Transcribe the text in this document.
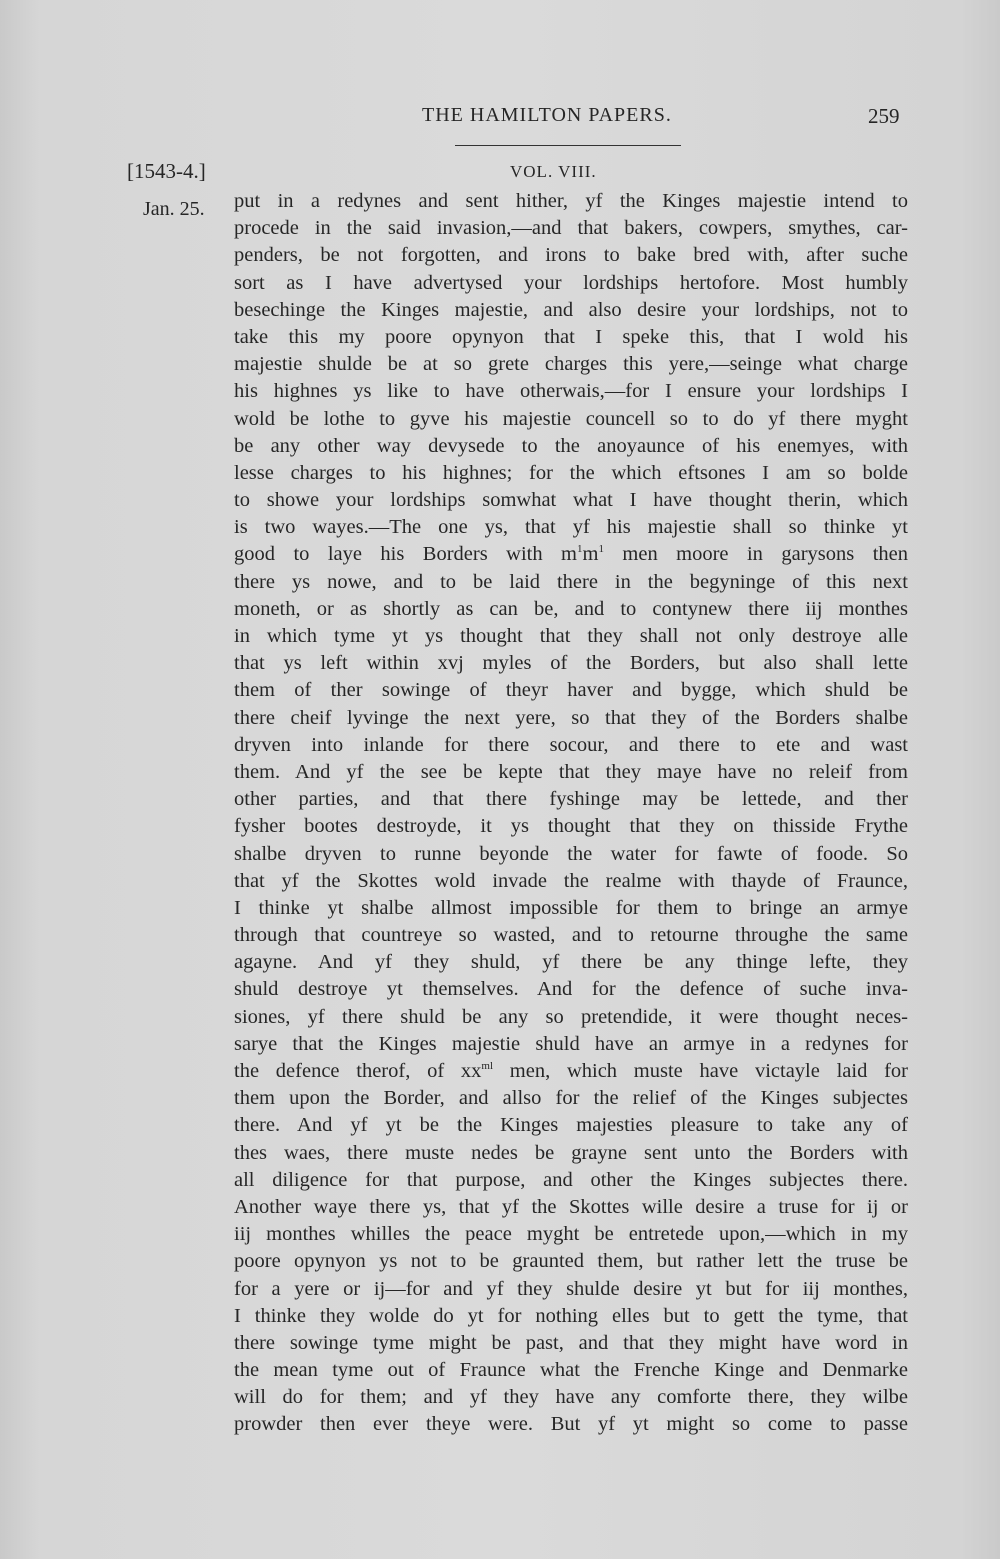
THE HAMILTON PAPERS.	259
[1543-4.]	VOL. VIII.
Jan. 25. put in a redynes and sent hither, yf the Kinges majestie intend to
procede in the said invasion,—and that bakers, cowpers, smythes, car-
penders, be not forgotten, and irons to bake bred with, after suche
sort as I have advertysed your lordships hertofore. Most humbly
besechinge the Kinges majestie, and also desire your lordships, not to
take this my poore opynyon that I speke this, that I wold his
majestie shulde be at so grete charges this yere,—seinge what charge
his highnes ys like to have otherwais,—for I ensure your lordships I
wold be lothe to gyve his majestie councell so to do yf there myght
be any other way devysede to the anoyaunce of his enemyes, with
lesse charges to his highnes; for the which eftsones I am so bolde
to showe your lordships somwhat what I have thought therin, which
is two wayes.—The one ys, that yf his majestie shall so thinke yt
good to laye his Borders with $m^1m^1$ men moore in garysons then
there ys nowe, and to be laid there in the begyninge of this next
moneth, or as shortly as can be, and to contynew there iij monthes
in which tyme yt ys thought that they shall not only destroye alle
that ys left within xvj myles of the Borders, but also shall lette
them of ther sowinge of theyr haver and bygge, which shuld be
there cheif lyvinge the next yere, so that they of the Borders shalbe
dryven into inlande for there socour, and there to ete and wast
them. And yf the see be kepte that they maye have no releif from
other parties, and that there fyshinge may be lettede, and ther
fysher bootes destroyde, it ys thought that they on thisside Frythe
shalbe dryven to runne beyonde the water for fawte of foode. So
that yf the Skottes wold invade the realme with thayde of Fraunce,
I thinke yt shalbe allmost impossible for them to bringe an armye
through that countreye so wasted, and to retourne throughe the same
agayne. And yf they shuld, yf there be any thinge lefte, they
shuld destroye yt themselves. And for the defence of suche inva-
siones, yf there shuld be any so pretendide, it were thought neces-
sarye that the Kinges majestie shuld have an armye in a redynes for
the defence therof, of $xx^{ml}$ men, which muste have victayle laid for
them upon the Border, and allso for the relief of the Kinges subjectes
there. And yf yt be the Kinges majesties pleasure to take any of
thes waes, there muste nedes be grayne sent unto the Borders with
all diligence for that purpose, and other the Kinges subjectes there.
Another waye there ys, that yf the Skottes wille desire a truse for ij or
iij monthes whilles the peace myght be entretede upon,—which in my
poore opynyon ys not to be graunted them, but rather lett the truse be
for a yere or ij—for and yf they shulde desire yt but for iij monthes,
I thinke they wolde do yt for nothing elles but to gett the tyme, that
there sowinge tyme might be past, and that they might have word in
the mean tyme out of Fraunce what the Frenche Kinge and Denmarke
will do for them; and yf they have any comforte there, they wilbe
prowder then ever theye were. But yf yt might so come to passe
